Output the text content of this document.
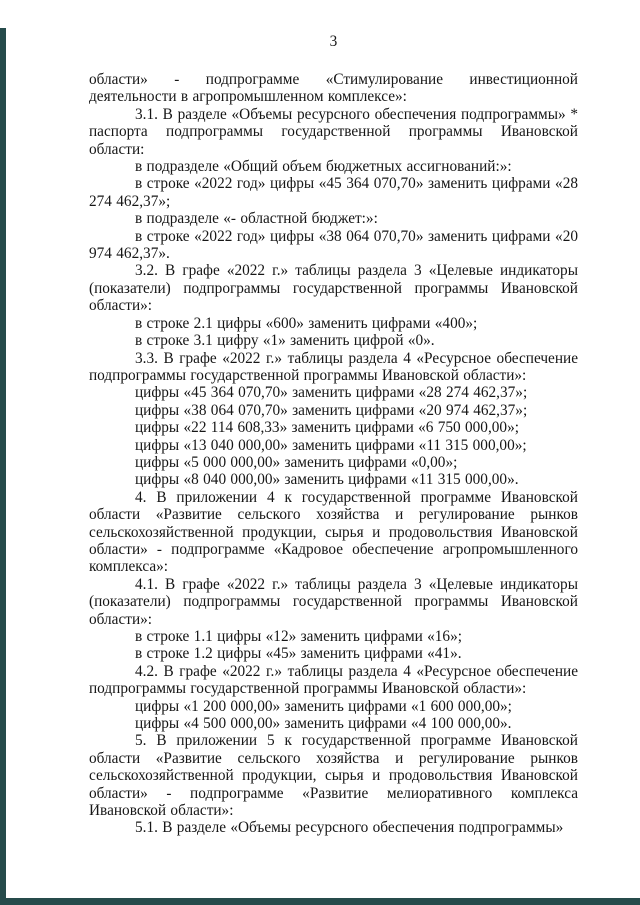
3

области» - подпрограмме «Стимулирование инвестиционной деятельности в агропромышленном комплексе»:

3.1. В разделе «Объемы ресурсного обеспечения подпрограммы» * паспорта подпрограммы государственной программы Ивановской области:

в подразделе «Общий объем бюджетных ассигнований:»:

в строке «2022 год» цифры «45 364 070,70» заменить цифрами «28 274 462,37»;

в подразделе «- областной бюджет:»:

в строке «2022 год» цифры «38 064 070,70» заменить цифрами «20 974 462,37».

3.2. В графе «2022 г.» таблицы раздела 3 «Целевые индикаторы (показатели) подпрограммы государственной программы Ивановской области»:

в строке 2.1 цифры «600» заменить цифрами «400»;

в строке 3.1 цифру «1» заменить цифрой «0».

3.3. В графе «2022 г.» таблицы раздела 4 «Ресурсное обеспечение подпрограммы государственной программы Ивановской области»:

цифры «45 364 070,70» заменить цифрами «28 274 462,37»;

цифры «38 064 070,70» заменить цифрами «20 974 462,37»;

цифры «22 114 608,33» заменить цифрами «6 750 000,00»;

цифры «13 040 000,00» заменить цифрами «11 315 000,00»;

цифры «5 000 000,00» заменить цифрами «0,00»;

цифры «8 040 000,00» заменить цифрами «11 315 000,00».

4. В приложении 4 к государственной программе Ивановской области «Развитие сельского хозяйства и регулирование рынков сельскохозяйственной продукции, сырья и продовольствия Ивановской области» - подпрограмме «Кадровое обеспечение агропромышленного комплекса»:

4.1. В графе «2022 г.» таблицы раздела 3 «Целевые индикаторы (показатели) подпрограммы государственной программы Ивановской области»:

в строке 1.1 цифры «12» заменить цифрами «16»;

в строке 1.2 цифры «45» заменить цифрами «41».

4.2. В графе «2022 г.» таблицы раздела 4 «Ресурсное обеспечение подпрограммы государственной программы Ивановской области»:

цифры «1 200 000,00» заменить цифрами «1 600 000,00»;

цифры «4 500 000,00» заменить цифрами «4 100 000,00».

5. В приложении 5 к государственной программе Ивановской области «Развитие сельского хозяйства и регулирование рынков сельскохозяйственной продукции, сырья и продовольствия Ивановской области» - подпрограмме «Развитие мелиоративного комплекса Ивановской области»:

5.1. В разделе «Объемы ресурсного обеспечения подпрограммы»
